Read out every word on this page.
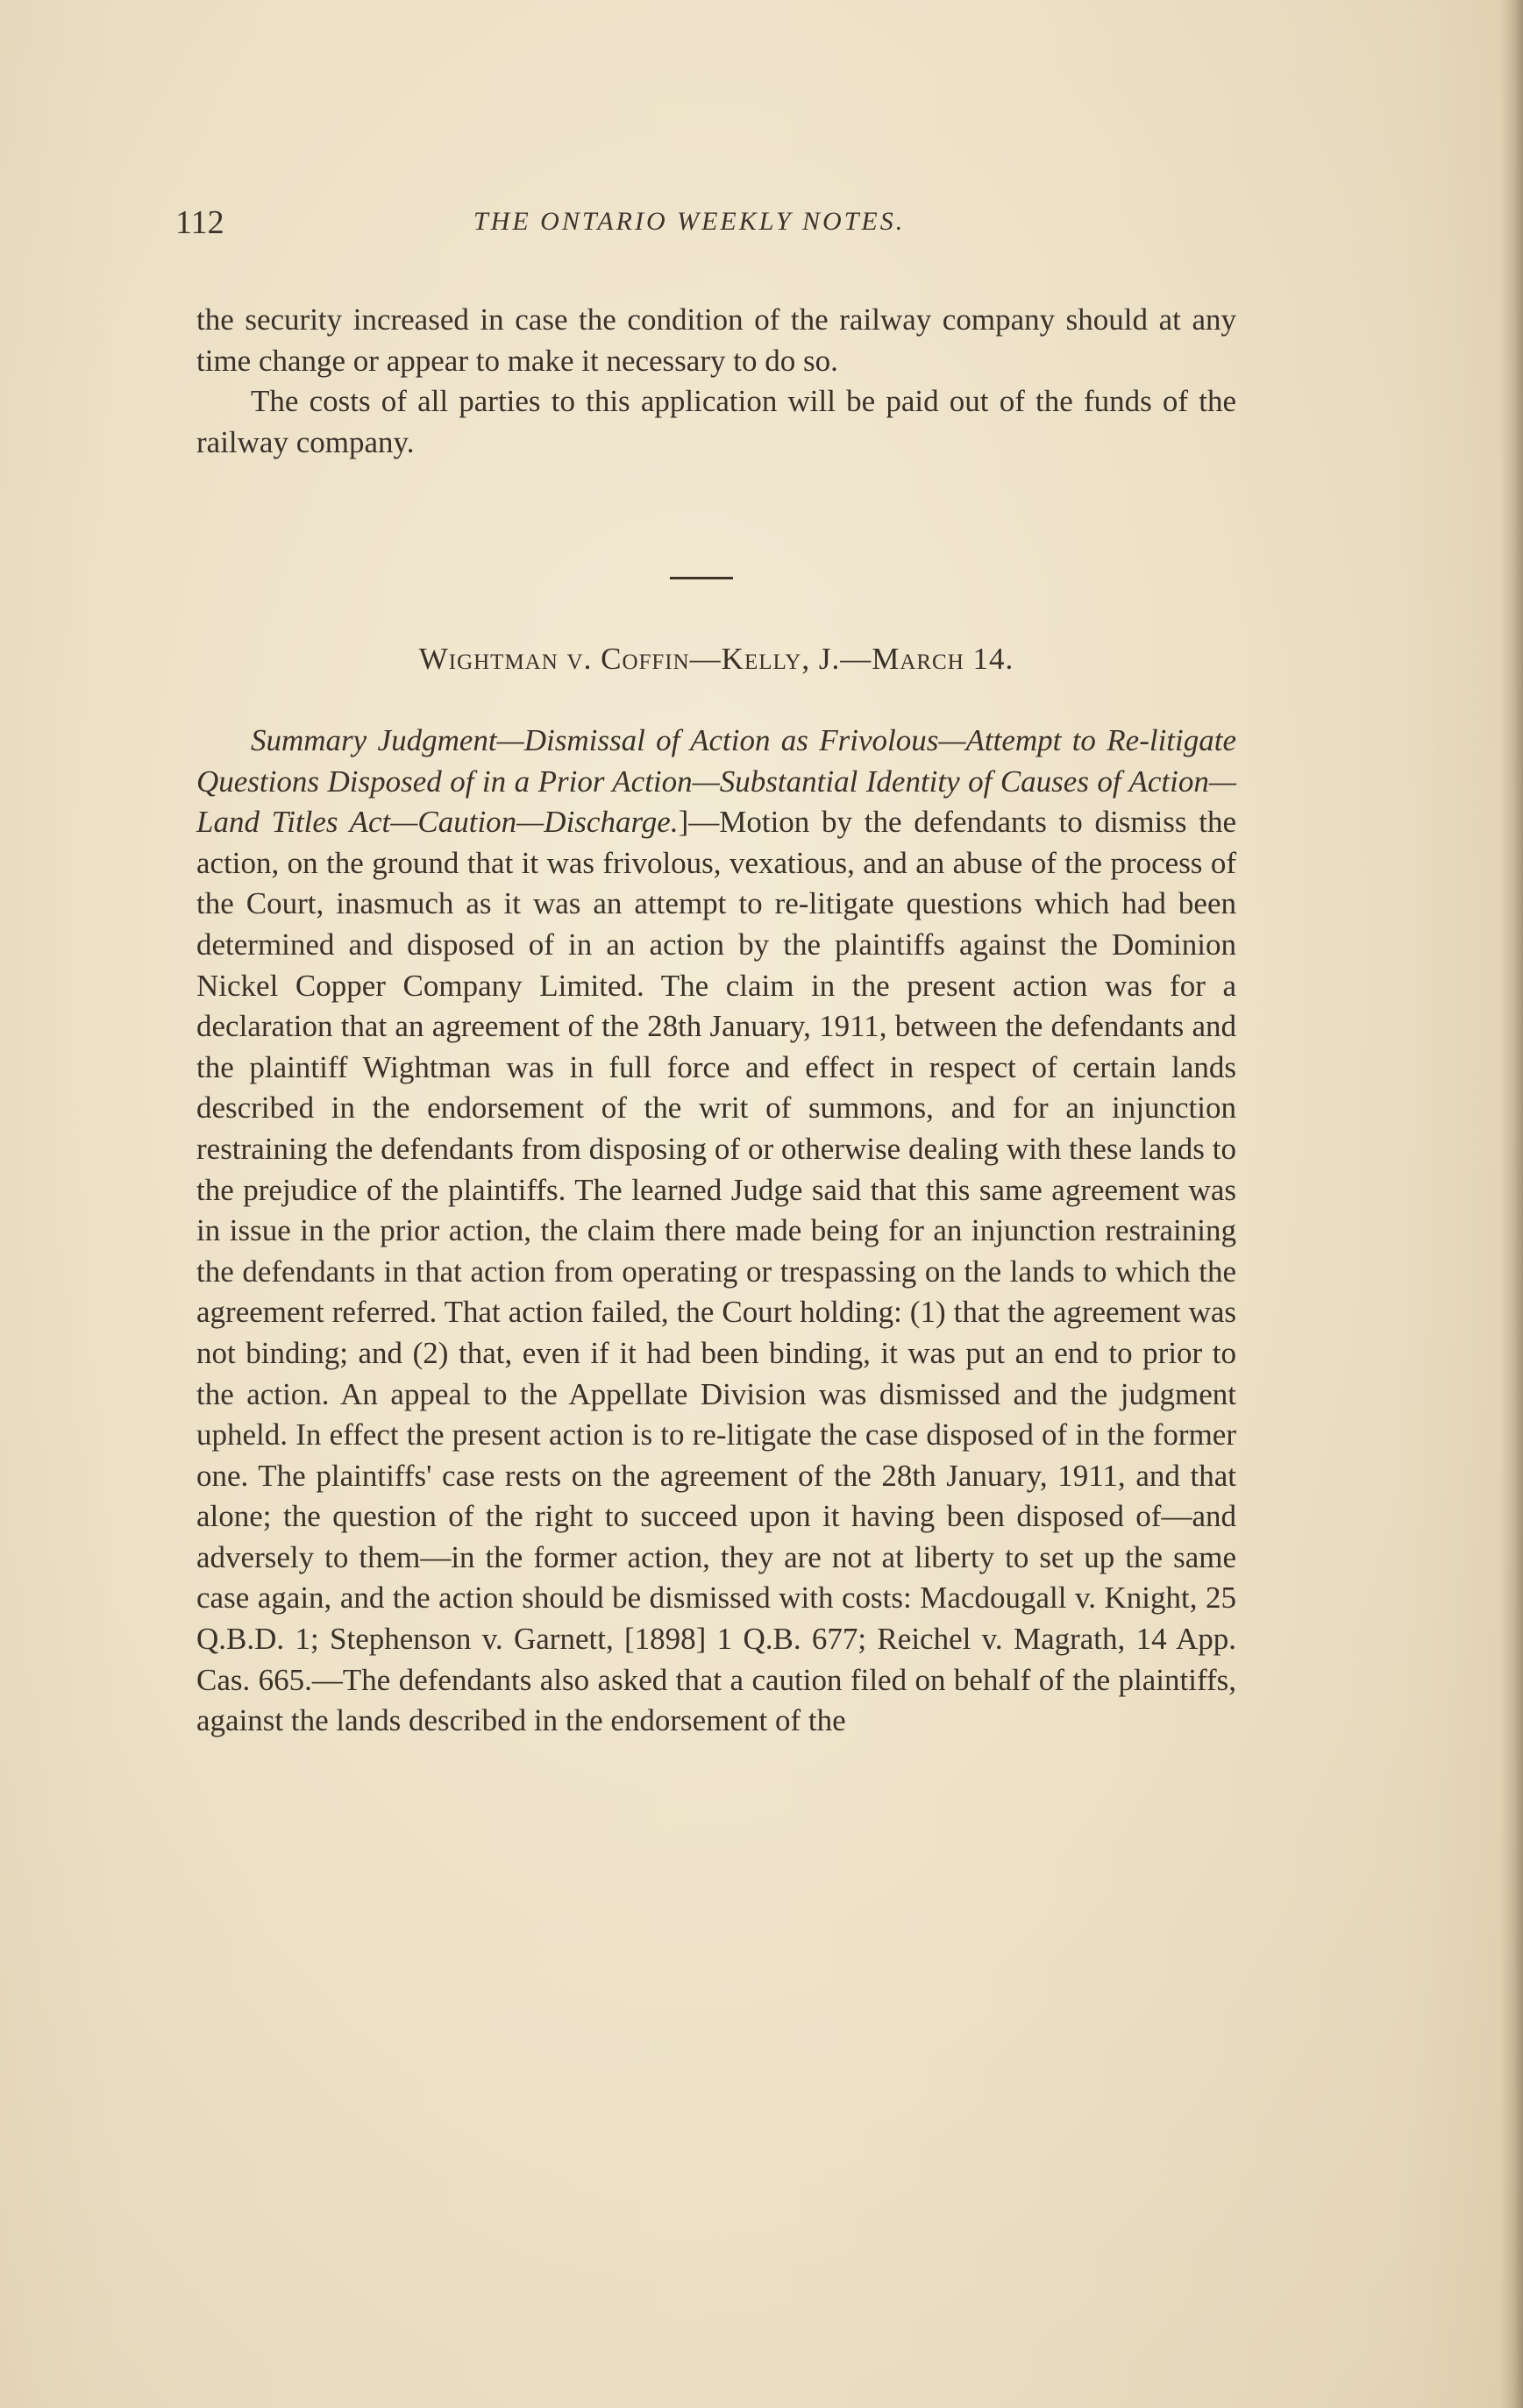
112	THE ONTARIO WEEKLY NOTES.

the security increased in case the condition of the railway company should at any time change or appear to make it necessary to do so.

The costs of all parties to this application will be paid out of the funds of the railway company.

Wightman v. Coffin—Kelly, J.—March 14.

Summary Judgment—Dismissal of Action as Frivolous—Attempt to Re-litigate Questions Disposed of in a Prior Action—Substantial Identity of Causes of Action—Land Titles Act—Caution—Discharge.]—Motion by the defendants to dismiss the action, on the ground that it was frivolous, vexatious, and an abuse of the process of the Court, inasmuch as it was an attempt to re-litigate questions which had been determined and disposed of in an action by the plaintiffs against the Dominion Nickel Copper Company Limited. The claim in the present action was for a declaration that an agreement of the 28th January, 1911, between the defendants and the plaintiff Wightman was in full force and effect in respect of certain lands described in the endorsement of the writ of summons, and for an injunction restraining the defendants from disposing of or otherwise dealing with these lands to the prejudice of the plaintiffs. The learned Judge said that this same agreement was in issue in the prior action, the claim there made being for an injunction restraining the defendants in that action from operating or trespassing on the lands to which the agreement referred. That action failed, the Court holding: (1) that the agreement was not binding; and (2) that, even if it had been binding, it was put an end to prior to the action. An appeal to the Appellate Division was dismissed and the judgment upheld. In effect the present action is to re-litigate the case disposed of in the former one. The plaintiffs' case rests on the agreement of the 28th January, 1911, and that alone; the question of the right to succeed upon it having been disposed of—and adversely to them—in the former action, they are not at liberty to set up the same case again, and the action should be dismissed with costs: Macdougall v. Knight, 25 Q.B.D. 1; Stephenson v. Garnett, [1898] 1 Q.B. 677; Reichel v. Magrath, 14 App. Cas. 665.—The defendants also asked that a caution filed on behalf of the plaintiffs, against the lands described in the endorsement of the
